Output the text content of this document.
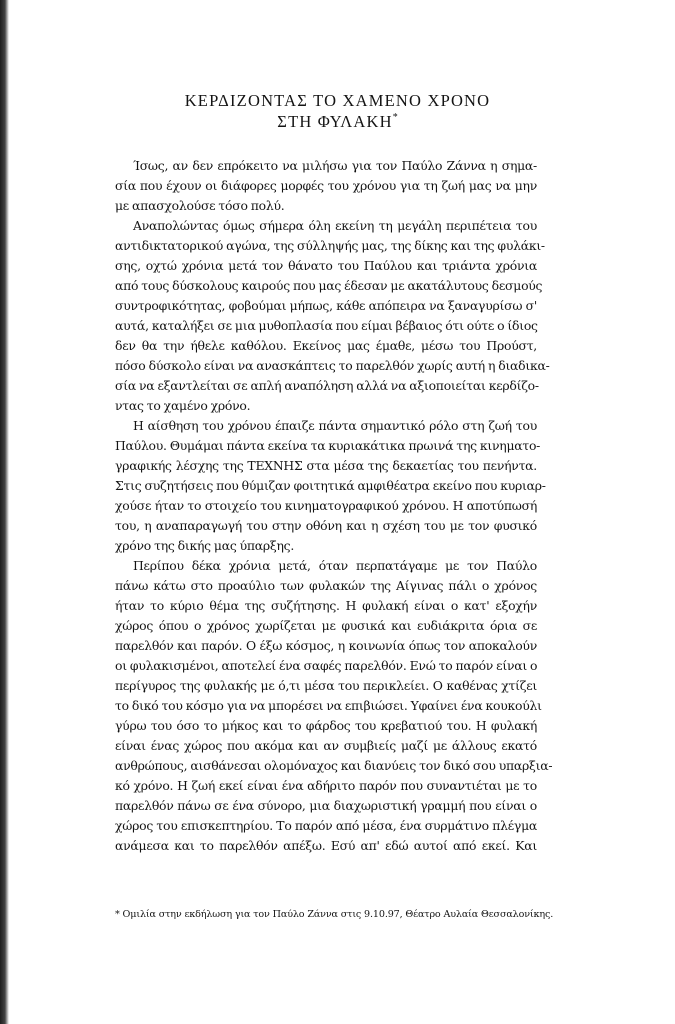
ΚΕΡΔΙΖΟΝΤΑΣ ΤΟ ΧΑΜΕΝΟ ΧΡΟΝΟ
ΣΤΗ ΦΥΛΑΚΗ*
Ίσως, αν δεν επρόκειτο να μιλήσω για τον Παύλο Ζάννα η σημα-
σία που έχουν οι διάφορες μορφές του χρόνου για τη ζωή μας να μην
με απασχολούσε τόσο πολύ.
Αναπολώντας όμως σήμερα όλη εκείνη τη μεγάλη περιπέτεια του
αντιδικτατορικού αγώνα, της σύλληψής μας, της δίκης και της φυλάκι-
σης, οχτώ χρόνια μετά τον θάνατο του Παύλου και τριάντα χρόνια
από τους δύσκολους καιρούς που μας έδεσαν με ακατάλυτους δεσμούς
συντροφικότητας, φοβούμαι μήπως, κάθε απόπειρα να ξαναγυρίσω σ'
αυτά, καταλήξει σε μια μυθοπλασία που είμαι βέβαιος ότι ούτε ο ίδιος
δεν θα την ήθελε καθόλου. Εκείνος μας έμαθε, μέσω του Προύστ,
πόσο δύσκολο είναι να ανασκάπτεις το παρελθόν χωρίς αυτή η διαδικα-
σία να εξαντλείται σε απλή αναπόληση αλλά να αξιοποιείται κερδίζο-
ντας το χαμένο χρόνο.
Η αίσθηση του χρόνου έπαιζε πάντα σημαντικό ρόλο στη ζωή του
Παύλου. Θυμάμαι πάντα εκείνα τα κυριακάτικα πρωινά της κινηματο-
γραφικής λέσχης της ΤΕΧΝΗΣ στα μέσα της δεκαετίας του πενήντα.
Στις συζητήσεις που θύμιζαν φοιτητικά αμφιθέατρα εκείνο που κυριαρ-
χούσε ήταν το στοιχείο του κινηματογραφικού χρόνου. Η αποτύπωσή
του, η αναπαραγωγή του στην οθόνη και η σχέση του με τον φυσικό
χρόνο της δικής μας ύπαρξης.
Περίπου δέκα χρόνια μετά, όταν περπατάγαμε με τον Παύλο
πάνω κάτω στο προαύλιο των φυλακών της Αίγινας πάλι ο χρόνος
ήταν το κύριο θέμα της συζήτησης. Η φυλακή είναι ο κατ' εξοχήν
χώρος όπου ο χρόνος χωρίζεται με φυσικά και ευδιάκριτα όρια σε
παρελθόν και παρόν. Ο έξω κόσμος, η κοινωνία όπως τον αποκαλούν
οι φυλακισμένοι, αποτελεί ένα σαφές παρελθόν. Ενώ το παρόν είναι ο
περίγυρος της φυλακής με ό,τι μέσα του περικλείει. Ο καθένας χτίζει
το δικό του κόσμο για να μπορέσει να επιβιώσει. Υφαίνει ένα κουκούλι
γύρω του όσο το μήκος και το φάρδος του κρεβατιού του. Η φυλακή
είναι ένας χώρος που ακόμα και αν συμβιείς μαζί με άλλους εκατό
ανθρώπους, αισθάνεσαι ολομόναχος και διανύεις τον δικό σου υπαρξια-
κό χρόνο. Η ζωή εκεί είναι ένα αδήριτο παρόν που συναντιέται με το
παρελθόν πάνω σε ένα σύνορο, μια διαχωριστική γραμμή που είναι ο
χώρος του επισκεπτηρίου. Το παρόν από μέσα, ένα συρμάτινο πλέγμα
ανάμεσα και το παρελθόν απέξω. Εσύ απ' εδώ αυτοί από εκεί. Και
* Ομιλία στην εκδήλωση για τον Παύλο Ζάννα στις 9.10.97, Θέατρο Αυλαία Θεσσαλονίκης.
